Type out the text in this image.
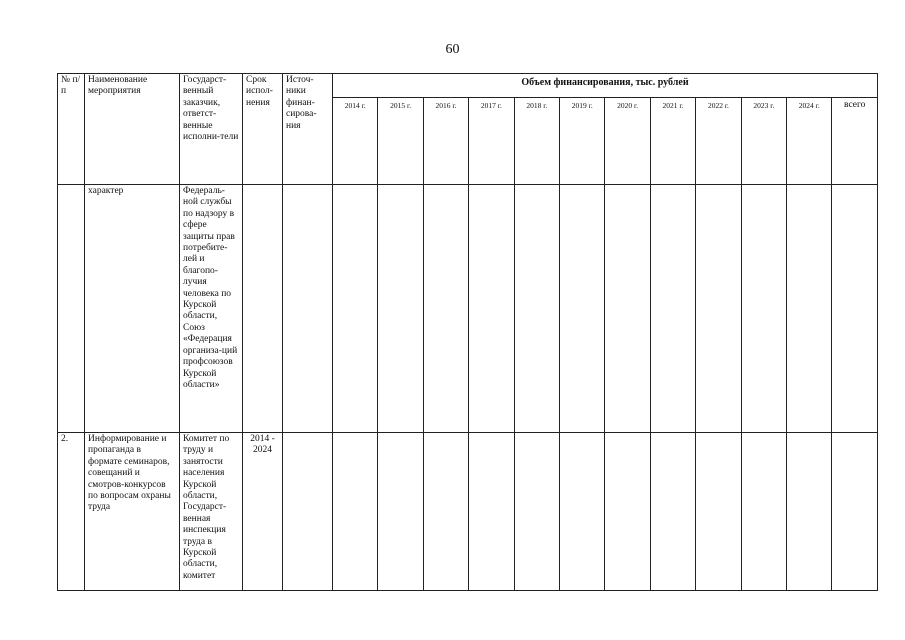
60
№ п/п	Наименование мероприятия	Государст-венный заказчик, ответст-венные исполни-тели	Срок испол-нения	Источ-ники финан-сирова-ния	Объем финансирования, тыс. рублей											
					2014 г.	2015 г.	2016 г.	2017 г.	2018 г.	2019 г.	2020 г.	2021 г.	2022 г.	2023 г.	2024 г.	всего
	характер	Федераль-ной службы по надзору в сфере защиты прав потребите-лей и благопо-лучия человека по Курской области, Союз «Федерация организа-ций профсоюзов Курской области»														
2.	Информирование и пропаганда в формате семинаров, совещаний и смотров-конкурсов по вопросам охраны труда	Комитет по труду и занятости населения Курской области, Государст-венная инспекция труда в Курской области, комитет	2014 - 2024													
